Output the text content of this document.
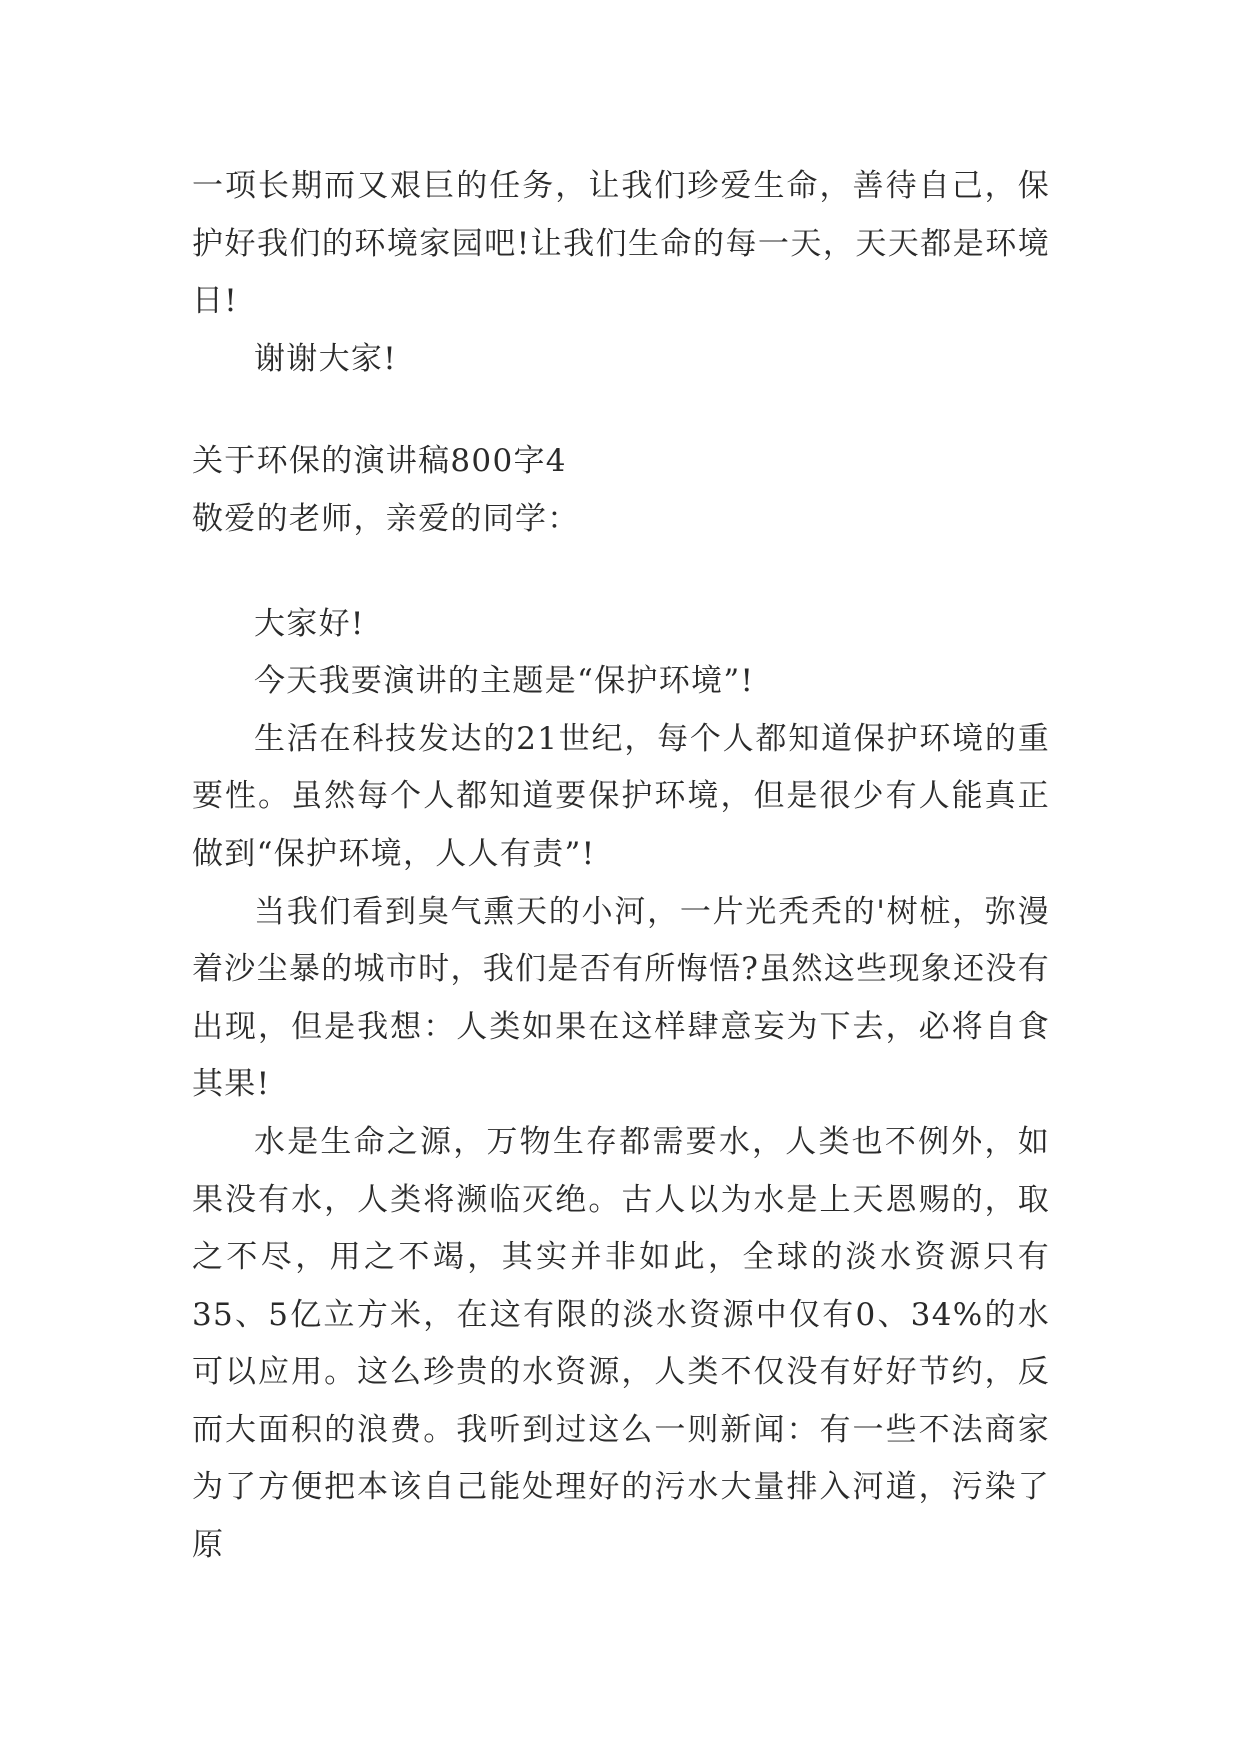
一项长期而又艰巨的任务，让我们珍爱生命，善待自己，保护好我们的环境家园吧!让我们生命的每一天，天天都是环境日!

谢谢大家!

关于环保的演讲稿800字4

敬爱的老师，亲爱的同学：

大家好!

今天我要演讲的主题是“保护环境”!

生活在科技发达的21世纪，每个人都知道保护环境的重要性。虽然每个人都知道要保护环境，但是很少有人能真正做到“保护环境，人人有责”!

当我们看到臭气熏天的小河，一片光秃秃的'树桩，弥漫着沙尘暴的城市时，我们是否有所悔悟?虽然这些现象还没有出现，但是我想：人类如果在这样肆意妄为下去，必将自食其果!

水是生命之源，万物生存都需要水，人类也不例外，如果没有水，人类将濒临灭绝。古人以为水是上天恩赐的，取之不尽，用之不竭，其实并非如此，全球的淡水资源只有35、5亿立方米，在这有限的淡水资源中仅有0、34%的水可以应用。这么珍贵的水资源，人类不仅没有好好节约，反而大面积的浪费。我听到过这么一则新闻：有一些不法商家为了方便把本该自己能处理好的污水大量排入河道，污染了原
